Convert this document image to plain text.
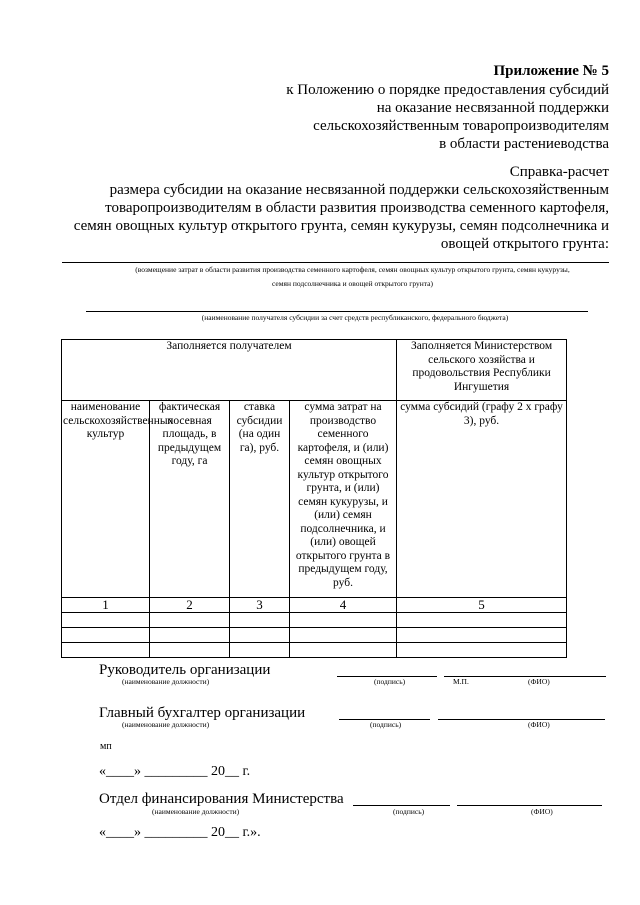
Приложение № 5
к Положению о порядке предоставления субсидий
на оказание несвязанной поддержки
сельскохозяйственным товаропроизводителям
в области растениеводства
Справка-расчет
размера субсидии на оказание несвязанной поддержки сельскохозяйственным
товаропроизводителям в области развития производства семенного картофеля,
семян овощных культур открытого грунта, семян кукурузы, семян подсолнечника и
овощей открытого грунта:
(возмещение затрат в области развития производства семенного картофеля, семян овощных культур открытого грунта, семян кукурузы,
семян подсолнечника и овощей открытого грунта)
(наименование получателя субсидии за счет средств республиканского, федерального бюджета)
Заполняется получателем				Заполняется Министерством сельского хозяйства и продовольствия Республики Ингушетия
наименование сельскохозяйственных культур	фактическая посевная площадь, в предыдущем году, га	ставка субсидии (на один га), руб.	сумма затрат на производство семенного картофеля, и (или) семян овощных культур открытого грунта, и (или) семян кукурузы, и (или) семян подсолнечника, и (или) овощей открытого грунта в предыдущем году, руб.	сумма субсидий (графу 2 х графу 3), руб.
1	2	3	4	5

Руководитель организации
(наименование должности)	(подпись)	М.П.	(ФИО)
Главный бухгалтер организации
(наименование должности)	(подпись)	(ФИО)
мп
«____» _________ 20__ г.
Отдел финансирования Министерства
(наименование должности)	(подпись)	(ФИО)
«____» _________ 20__ г.».
